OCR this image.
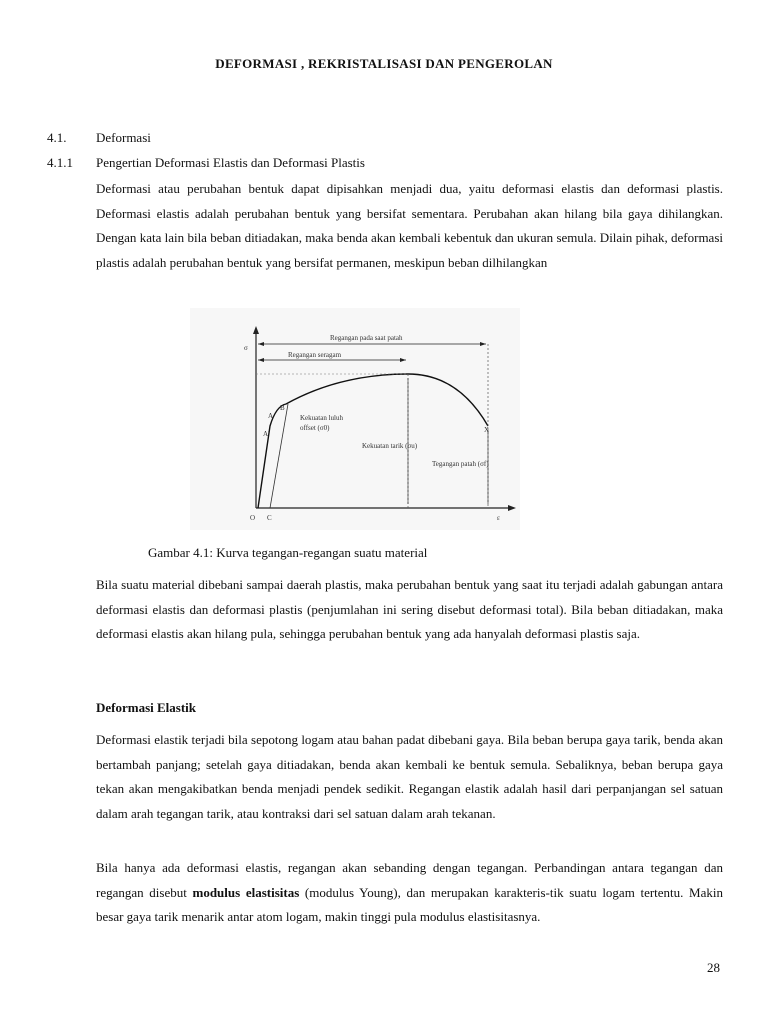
DEFORMASI , REKRISTALISASI DAN PENGEROLAN
4.1. Deformasi
4.1.1 Pengertian Deformasi Elastis dan Deformasi Plastis

Deformasi atau perubahan bentuk dapat dipisahkan menjadi dua, yaitu deformasi elastis dan deformasi plastis. Deformasi elastis adalah perubahan bentuk yang bersifat sementara. Perubahan akan hilang bila gaya dihilangkan. Dengan kata lain bila beban ditiadakan, maka benda akan kembali kebentuk dan ukuran semula. Dilain pihak, deformasi plastis adalah perubahan bentuk yang bersifat permanen, meskipun beban dilhilangkan

σ
Regangan pada saat patah
Regangan seragam
Kekuatan luluh
offset (σ0)
Kekuatan tarik (σu)
Tegangan patah (σf)
A
A'
B
X
O C	ε
Gambar 4.1: Kurva tegangan-regangan suatu material

Bila suatu material dibebani sampai daerah plastis, maka perubahan bentuk yang saat itu terjadi adalah gabungan antara deformasi elastis dan deformasi plastis (penjumlahan ini sering disebut deformasi total). Bila beban ditiadakan, maka deformasi elastis akan hilang pula, sehingga perubahan bentuk yang ada hanyalah deformasi plastis saja.

Deformasi Elastik

Deformasi elastik terjadi bila sepotong logam atau bahan padat dibebani gaya. Bila beban berupa gaya tarik, benda akan bertambah panjang; setelah gaya ditiadakan, benda akan kembali ke bentuk semula. Sebaliknya, beban berupa gaya tekan akan mengakibatkan benda menjadi pendek sedikit. Regangan elastik adalah hasil dari perpanjangan sel satuan dalam arah tegangan tarik, atau kontraksi dari sel satuan dalam arah tekanan.

Bila hanya ada deformasi elastis, regangan akan sebanding dengan tegangan. Perbandingan antara tegangan dan regangan disebut modulus elastisitas (modulus Young), dan merupakan karakteris-tik suatu logam tertentu. Makin besar gaya tarik menarik antar atom logam, makin tinggi pula modulus elastisitasnya.

28
